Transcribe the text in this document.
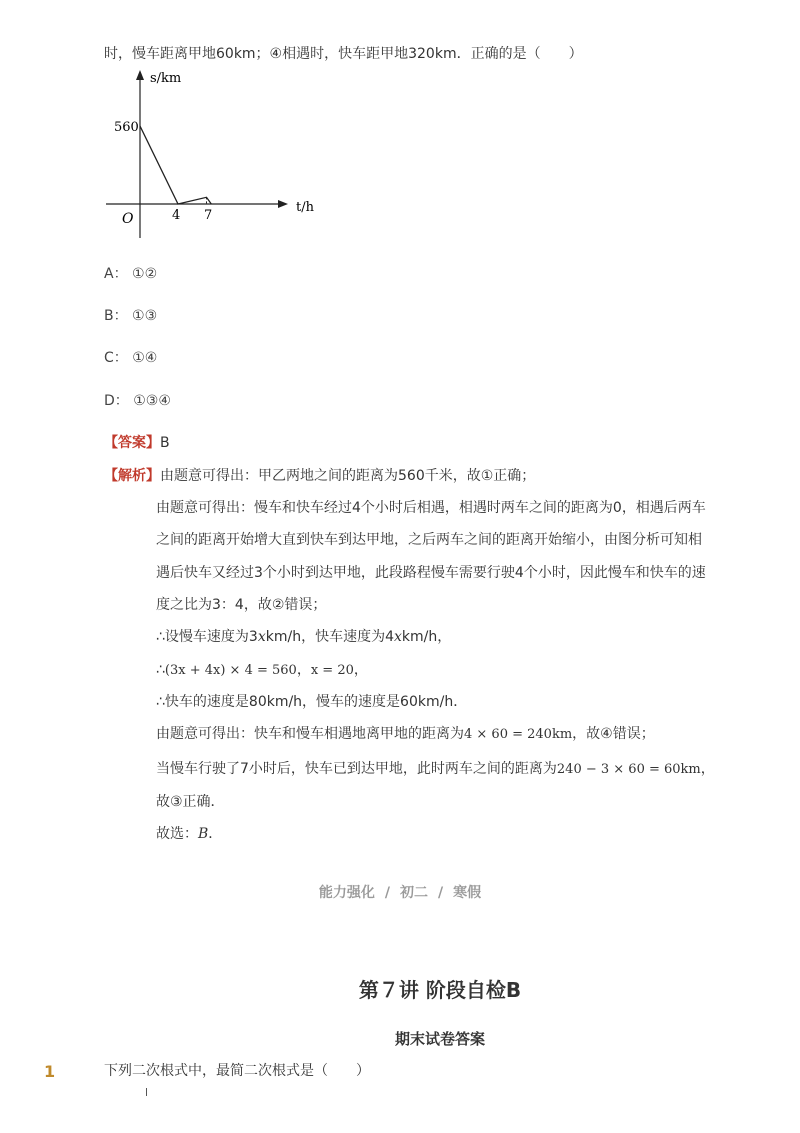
时，慢车距离甲地60km；④相遇时，快车距甲地320km．正确的是（　　）
s/km
t/h
O
560
4 7
A： ①②
B： ①③
C： ①④
D： ①③④
【答案】B
【解析】由题意可得出：甲乙两地之间的距离为560千米，故①正确；
由题意可得出：慢车和快车经过4个小时后相遇，相遇时两车之间的距离为0，相遇后两车
之间的距离开始增大直到快车到达甲地，之后两车之间的距离开始缩小，由图分析可知相
遇后快车又经过3个小时到达甲地，此段路程慢车需要行驶4个小时，因此慢车和快车的速
度之比为3：4，故②错误；
∴设慢车速度为3xkm/h，快车速度为4xkm/h，
∴(3x + 4x) × 4 = 560，x = 20，
∴快车的速度是80km/h，慢车的速度是60km/h．
由题意可得出：快车和慢车相遇地离甲地的距离为4 × 60 = 240km，故④错误；
当慢车行驶了7小时后，快车已到达甲地，此时两车之间的距离为240 − 3 × 60 = 60km，
故③正确．
故选：B．
能力强化 / 初二 / 寒假
第７讲 阶段自检B
期末试卷答案
1	下列二次根式中，最简二次根式是（　　）
